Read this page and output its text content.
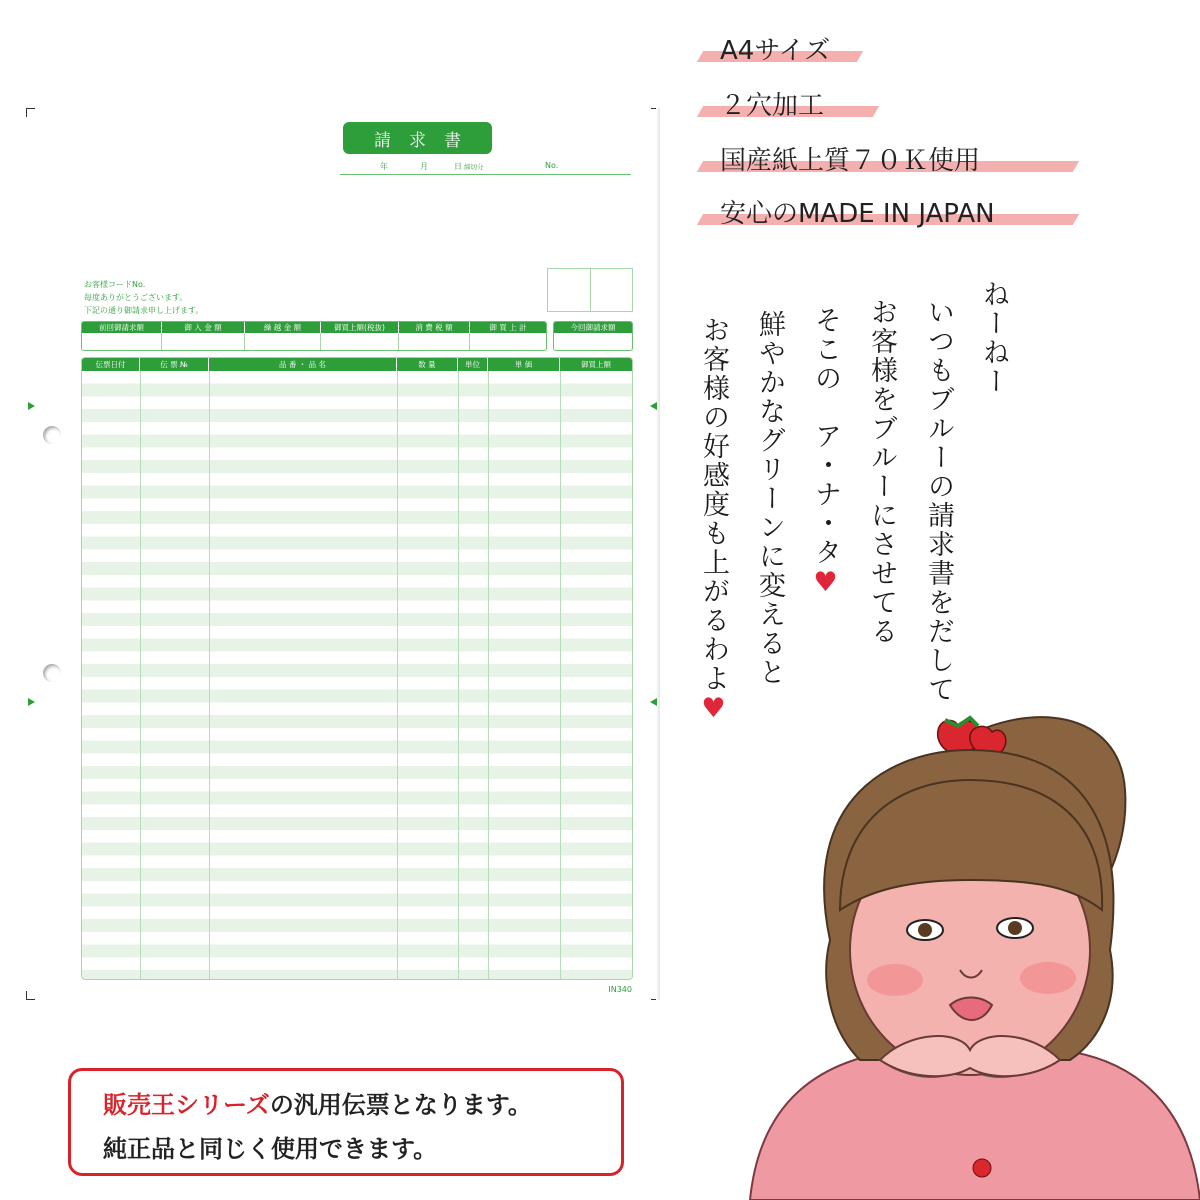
請求書
年	月	日 締切分	No.
お客様コードNo.
毎度ありがとうございます。
下記の通り御請求申し上げます。
前回御請求額	御 入 金 額	繰 越 金 額	御買上額(税抜)	消 費 税 額	御 買 上 計	今回御請求額
伝票日付	伝 票 №	品 番 ・ 品 名	数 量	単位	単 価	御買上額
IN340
A4サイズ
２穴加工
国産紙上質７０Ｋ使用
安心のMADE IN JAPAN
ねーねー
いつもブルーの請求書をだして
お客様をブルーにさせてる
そこの　ア・ナ・タ♥
鮮やかなグリーンに変えると
お客様の好感度も上がるわよ♥
販売王シリーズの汎用伝票となります。
純正品と同じく使用できます。
